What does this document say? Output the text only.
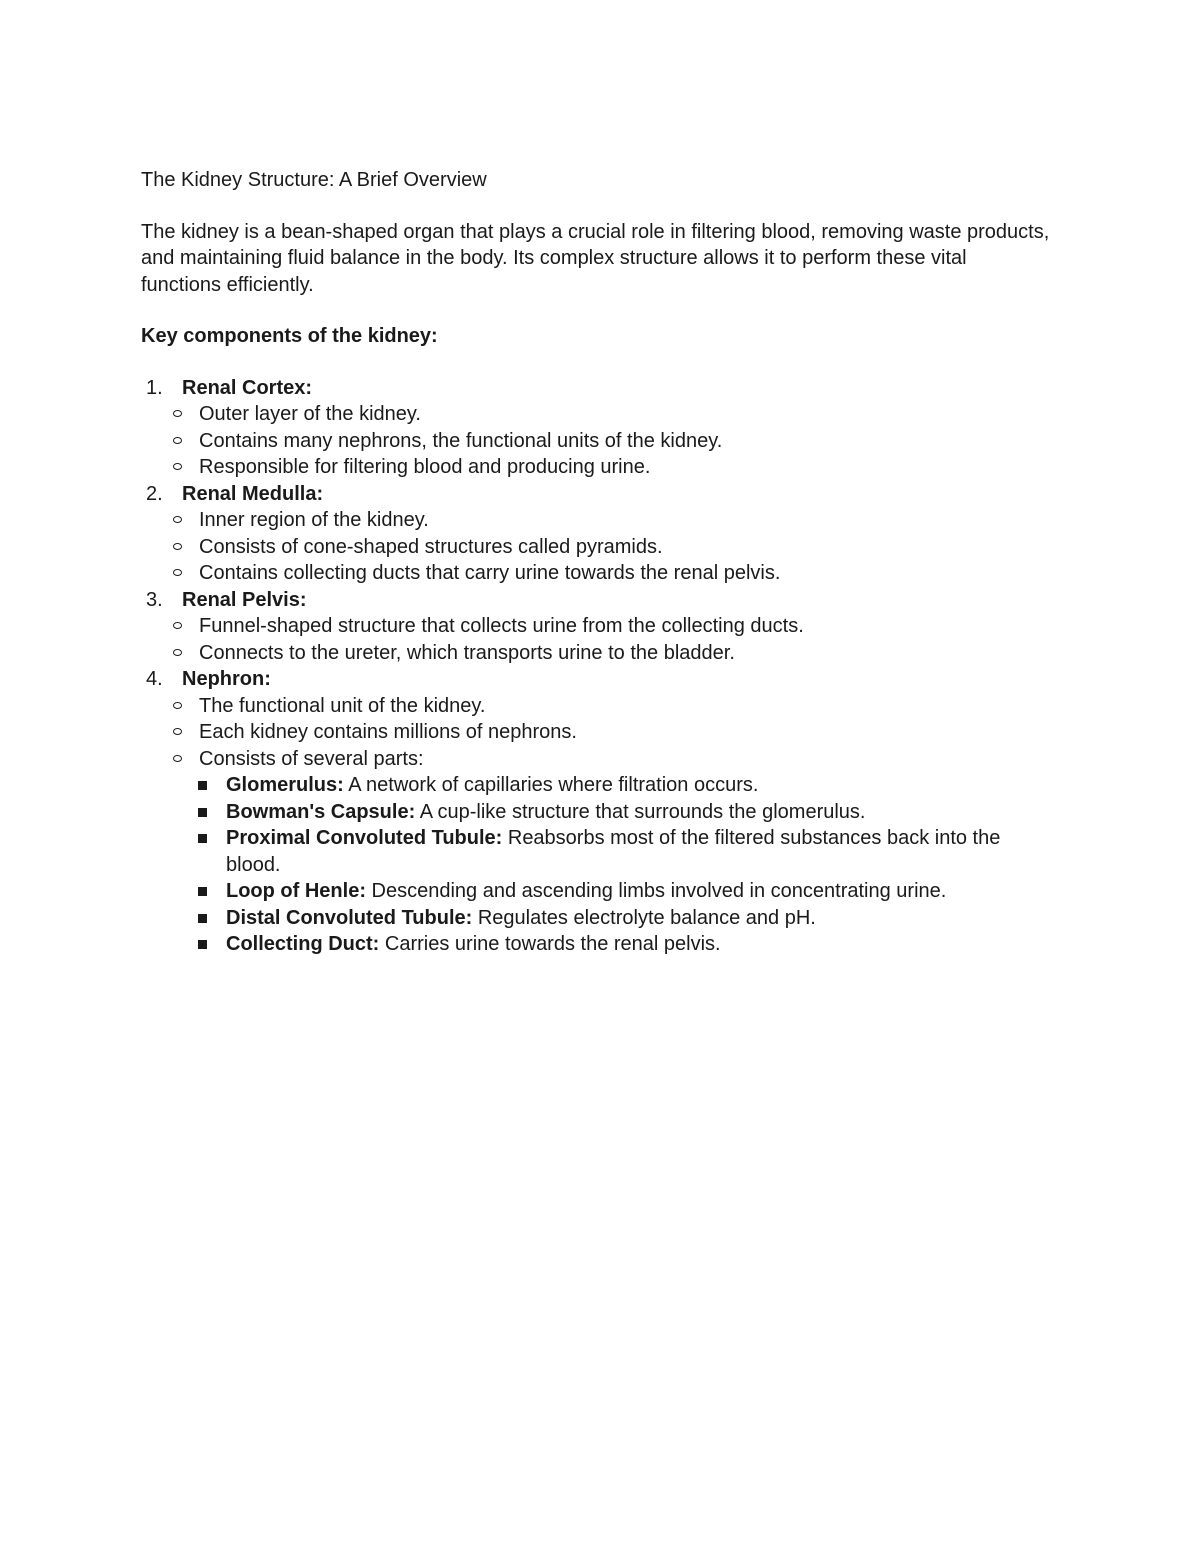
The Kidney Structure: A Brief Overview

The kidney is a bean-shaped organ that plays a crucial role in filtering blood, removing waste products, and maintaining fluid balance in the body. Its complex structure allows it to perform these vital functions efficiently.

Key components of the kidney:

1. Renal Cortex:
Outer layer of the kidney.
Contains many nephrons, the functional units of the kidney.
Responsible for filtering blood and producing urine.
2. Renal Medulla:
Inner region of the kidney.
Consists of cone-shaped structures called pyramids.
Contains collecting ducts that carry urine towards the renal pelvis.
3. Renal Pelvis:
Funnel-shaped structure that collects urine from the collecting ducts.
Connects to the ureter, which transports urine to the bladder.
4. Nephron:
The functional unit of the kidney.
Each kidney contains millions of nephrons.
Consists of several parts:
Glomerulus: A network of capillaries where filtration occurs.
Bowman's Capsule: A cup-like structure that surrounds the glomerulus.
Proximal Convoluted Tubule: Reabsorbs most of the filtered substances back into the blood.
Loop of Henle: Descending and ascending limbs involved in concentrating urine.
Distal Convoluted Tubule: Regulates electrolyte balance and pH.
Collecting Duct: Carries urine towards the renal pelvis.
